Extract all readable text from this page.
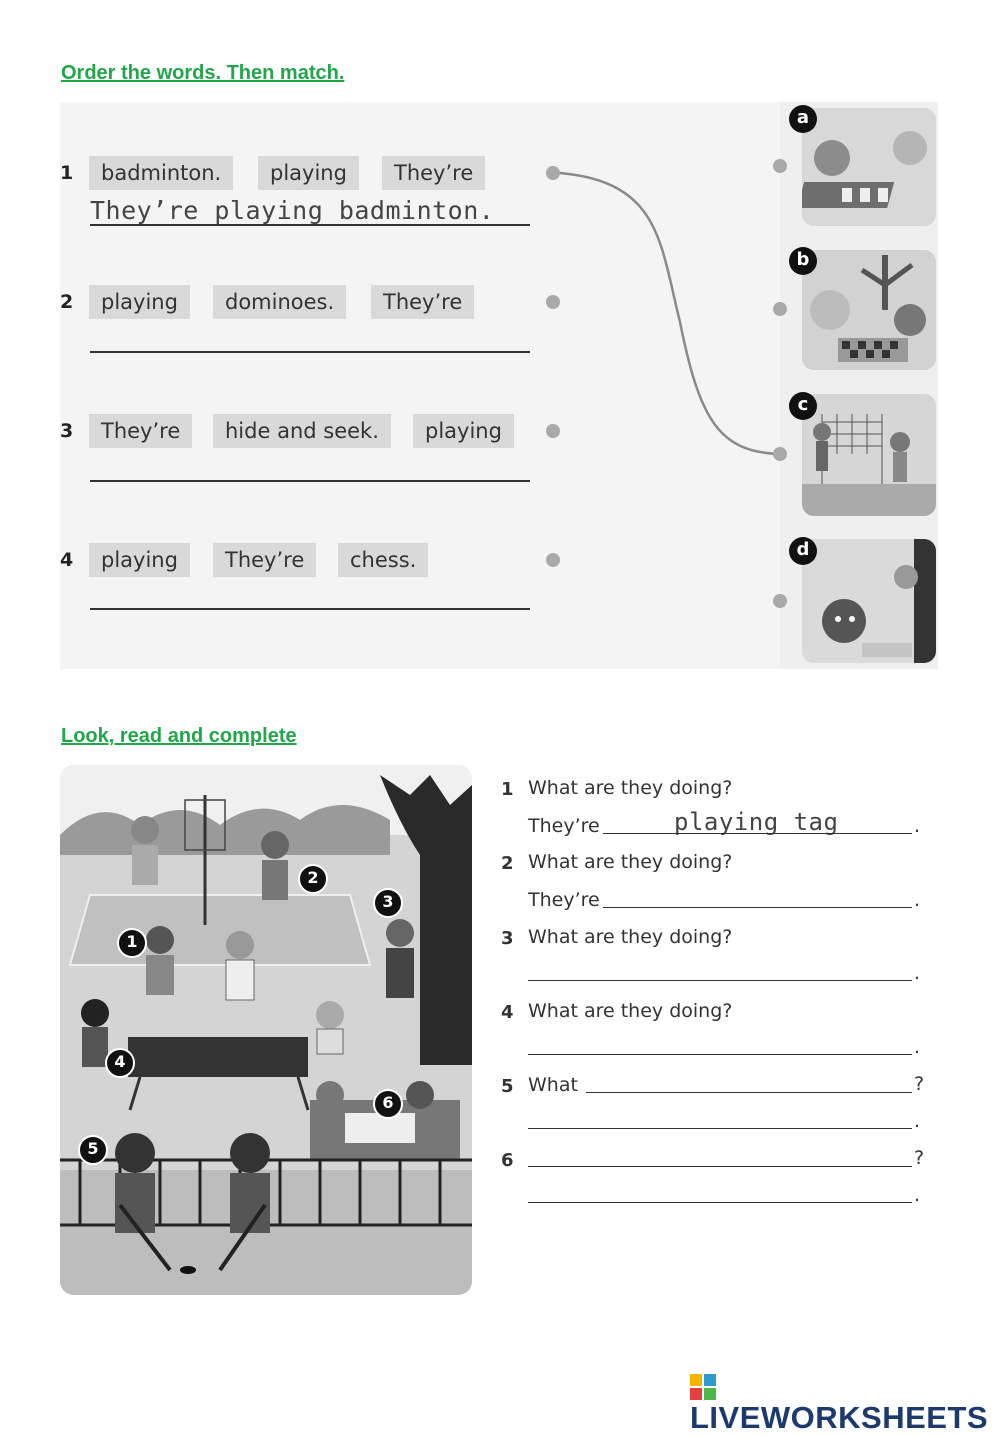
Order the words. Then match.
1	badminton.	playing	They’re
They’re playing badminton.
2	playing	dominoes.	They’re
3	They’re	hide and seek.	playing
4	playing	They’re	chess.
a
b
c
d
Look, read and complete
1
2
3
4
5
6
1 What are they doing?
They’re	playing tag	.
2 What are they doing?
They’re	.
3 What are they doing?
.
4 What are they doing?
.
5 What	?
.
6	?
.
LIVEWORKSHEETS
